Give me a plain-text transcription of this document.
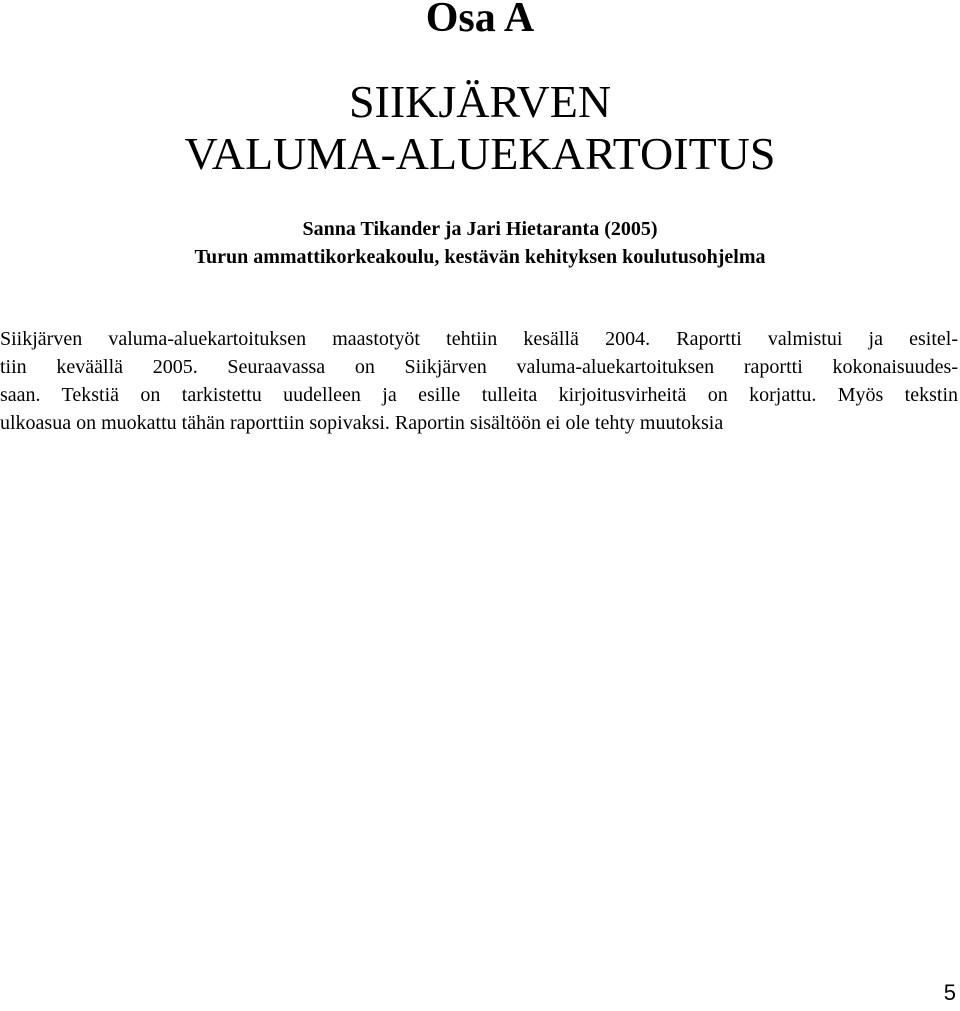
Osa A
SIIKJÄRVEN
VALUMA-ALUEKARTOITUS
Sanna Tikander ja Jari Hietaranta (2005)
Turun ammattikorkeakoulu, kestävän kehityksen koulutusohjelma

Siikjärven valuma-aluekartoituksen maastotyöt tehtiin kesällä 2004. Raportti valmistui ja esitel-
tiin keväällä 2005. Seuraavassa on Siikjärven valuma-aluekartoituksen raportti kokonaisuudes-
saan. Tekstiä on tarkistettu uudelleen ja esille tulleita kirjoitusvirheitä on korjattu. Myös tekstin
ulkoasua on muokattu tähän raporttiin sopivaksi. Raportin sisältöön ei ole tehty muutoksia

5
